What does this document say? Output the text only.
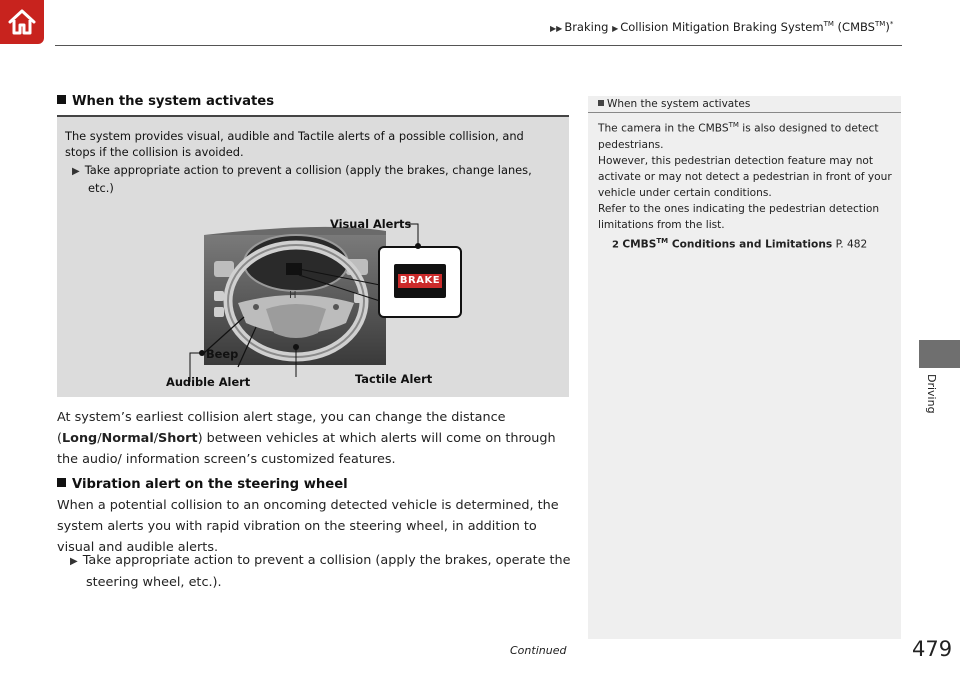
▶▶ Braking ▶ Collision Mitigation Braking System™ (CMBS™)*
Driving
When the system activates
The system provides visual, audible and Tactile alerts of a possible collision, and stops if the collision is avoided.
▶ Take appropriate action to prevent a collision (apply the brakes, change lanes, etc.)
H
BRAKE
Visual Alerts
Beep
Audible Alert	Tactile Alert
At system’s earliest collision alert stage, you can change the distance (Long/Normal/Short) between vehicles at which alerts will come on through the audio/ information screen’s customized features.
Vibration alert on the steering wheel
When a potential collision to an oncoming detected vehicle is determined, the system alerts you with rapid vibration on the steering wheel, in addition to visual and audible alerts.
▶ Take appropriate action to prevent a collision (apply the brakes, operate the steering wheel, etc.).
When the system activates
The camera in the CMBS™ is also designed to detect pedestrians.
However, this pedestrian detection feature may not activate or may not detect a pedestrian in front of your vehicle under certain conditions.
Refer to the ones indicating the pedestrian detection limitations from the list.
2 CMBS™ Conditions and Limitations P. 482
Continued	479
